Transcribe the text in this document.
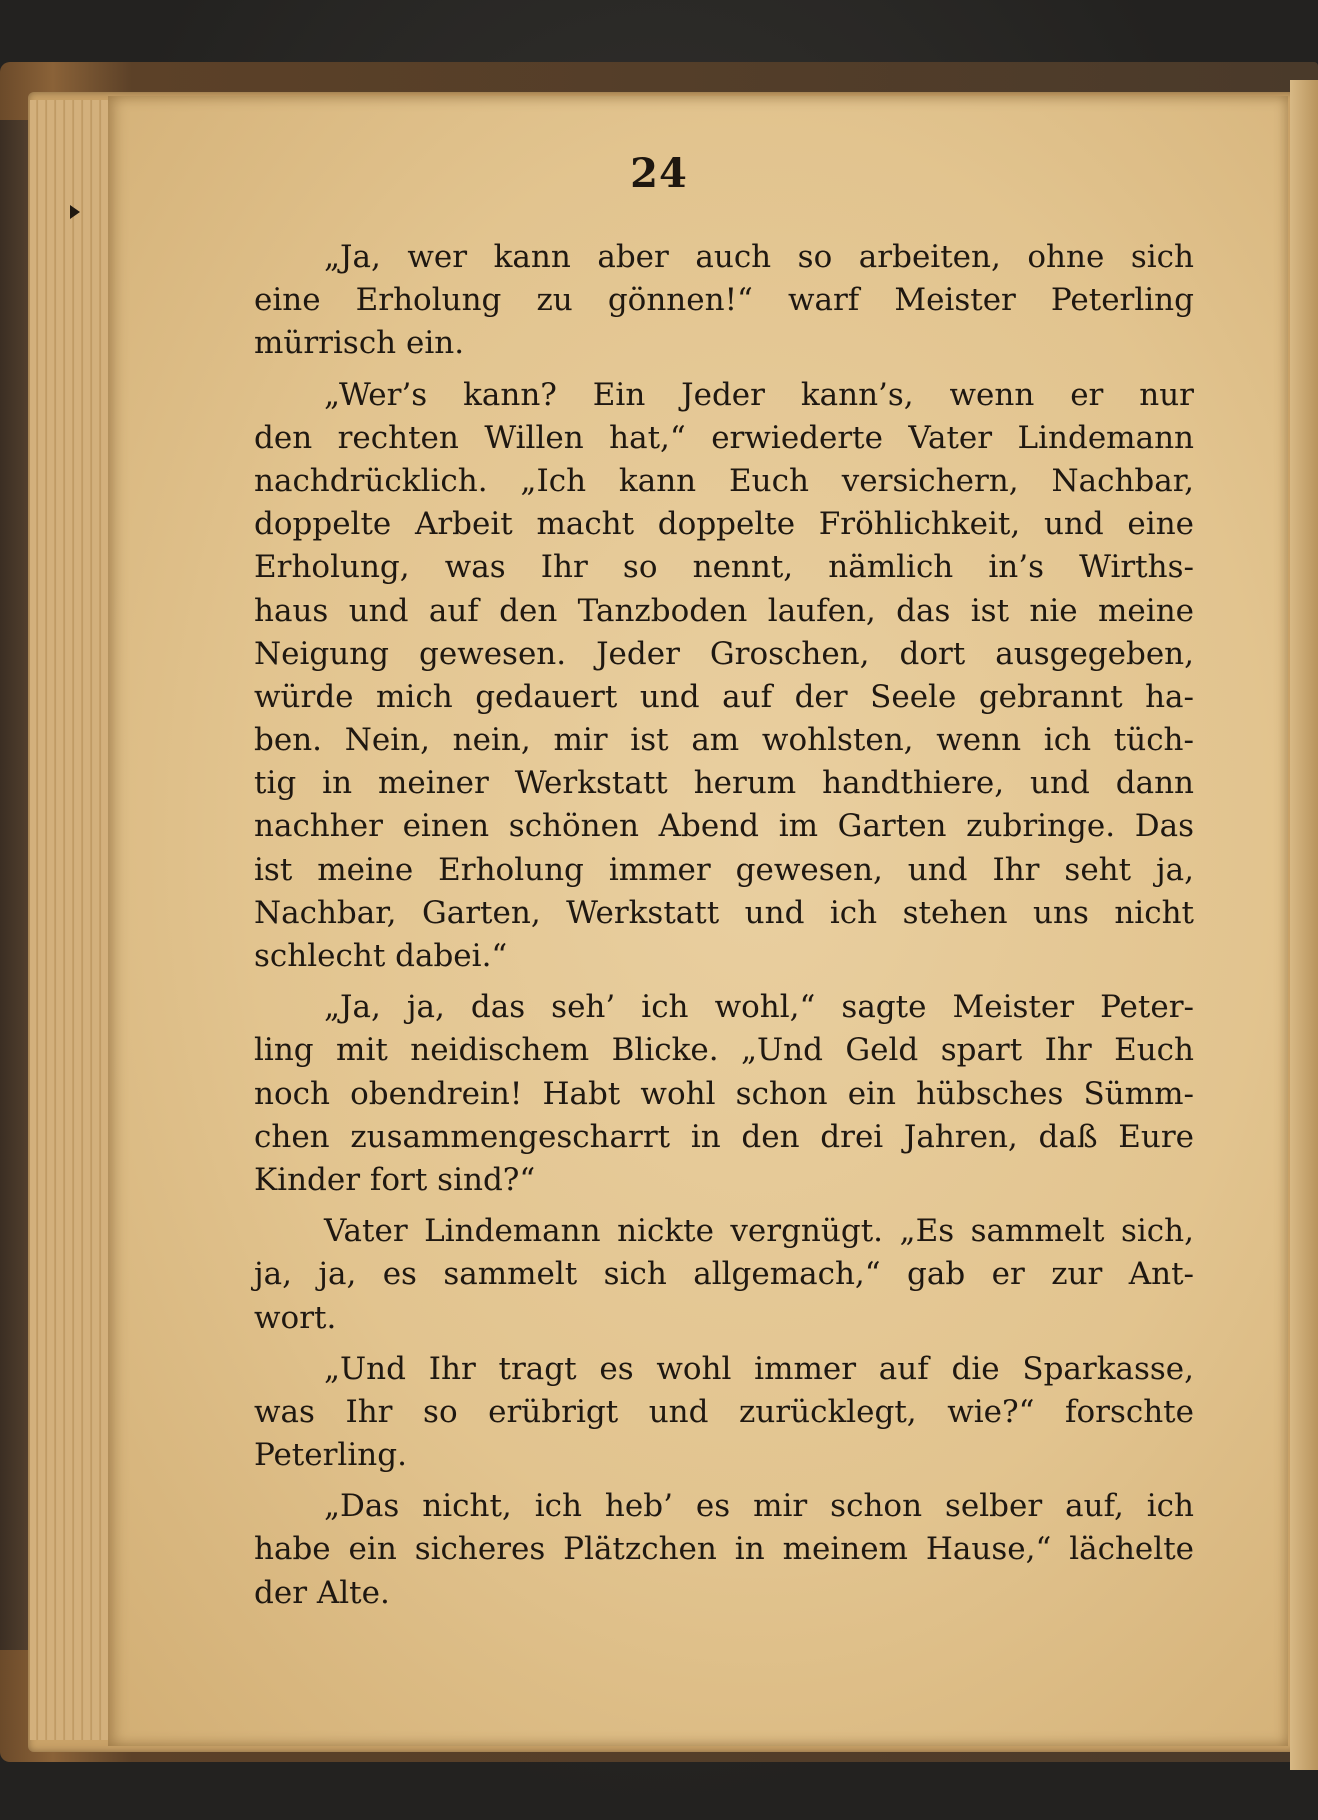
24
„Ja, wer kann aber auch so arbeiten, ohne sich
eine Erholung zu gönnen!“ warf Meister Peterling
mürrisch ein.
„Wer’s kann? Ein Jeder kann’s, wenn er nur
den rechten Willen hat,“ erwiederte Vater Lindemann
nachdrücklich. „Ich kann Euch versichern, Nachbar,
doppelte Arbeit macht doppelte Fröhlichkeit, und eine
Erholung, was Ihr so nennt, nämlich in’s Wirths-
haus und auf den Tanzboden laufen, das ist nie meine
Neigung gewesen. Jeder Groschen, dort ausgegeben,
würde mich gedauert und auf der Seele gebrannt ha-
ben. Nein, nein, mir ist am wohlsten, wenn ich tüch-
tig in meiner Werkstatt herum handthiere, und dann
nachher einen schönen Abend im Garten zubringe. Das
ist meine Erholung immer gewesen, und Ihr seht ja,
Nachbar, Garten, Werkstatt und ich stehen uns nicht
schlecht dabei.“
„Ja, ja, das seh’ ich wohl,“ sagte Meister Peter-
ling mit neidischem Blicke. „Und Geld spart Ihr Euch
noch obendrein! Habt wohl schon ein hübsches Sümm-
chen zusammengescharrt in den drei Jahren, daß Eure
Kinder fort sind?“
Vater Lindemann nickte vergnügt. „Es sammelt sich,
ja, ja, es sammelt sich allgemach,“ gab er zur Ant-
wort.
„Und Ihr tragt es wohl immer auf die Sparkasse,
was Ihr so erübrigt und zurücklegt, wie?“ forschte
Peterling.
„Das nicht, ich heb’ es mir schon selber auf, ich
habe ein sicheres Plätzchen in meinem Hause,“ lächelte
der Alte.
